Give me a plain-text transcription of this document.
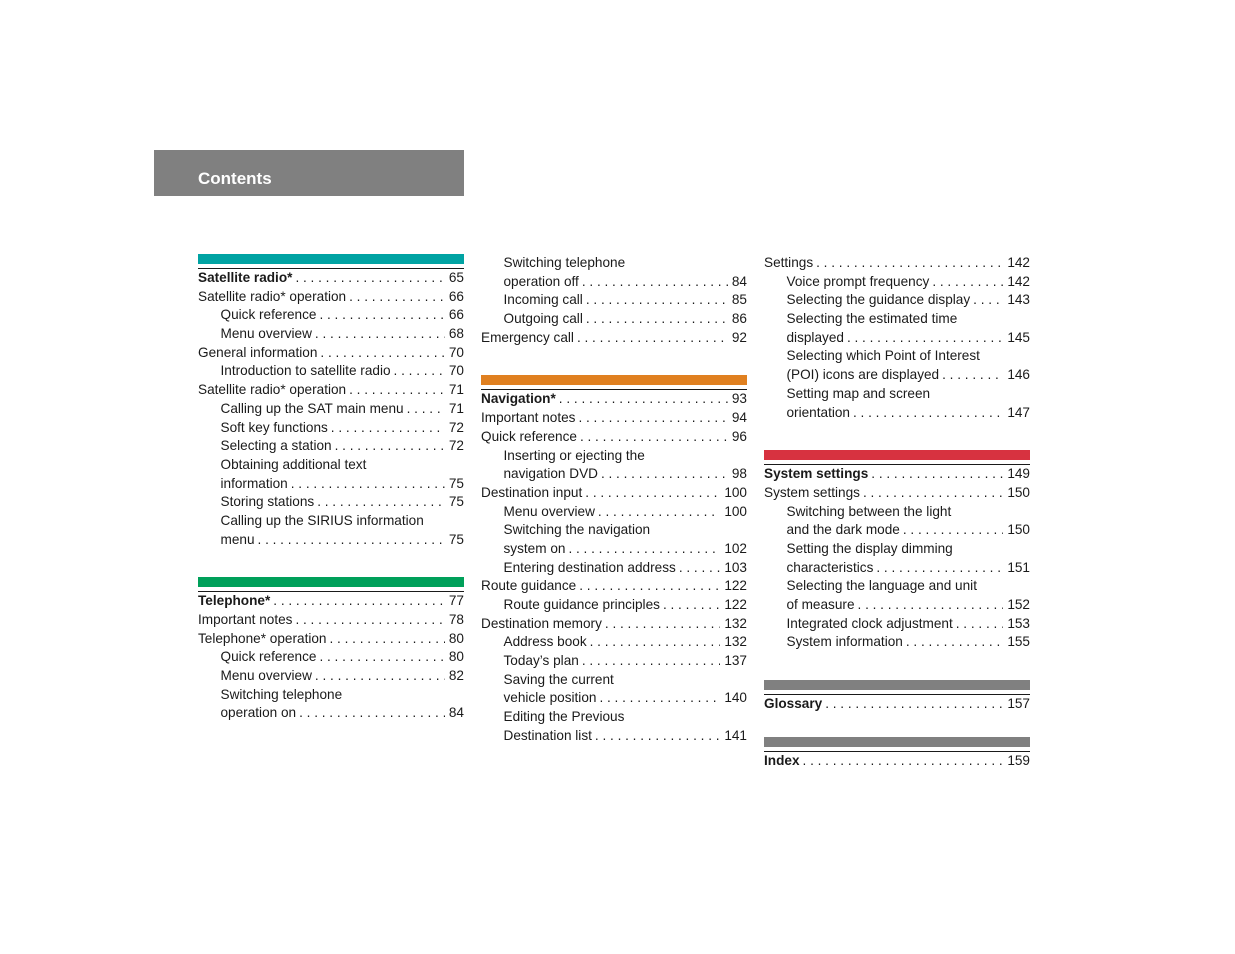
Contents
Satellite radio* . . .	65
Satellite radio* operation . . .	66
Quick reference . . .	66
Menu overview . . .	68
General information . . .	70
Introduction to satellite radio . . .	70
Satellite radio* operation . . .	71
Calling up the SAT main menu . . .	71
Soft key functions . . .	72
Selecting a station . . .	72
Obtaining additional text
information . . .	75
Storing stations . . .	75
Calling up the SIRIUS information
menu . . .	75
Telephone* . . .	77
Important notes . . .	78
Telephone* operation . . .	80
Quick reference . . .	80
Menu overview . . .	82
Switching telephone
operation on . . .	84
Switching telephone
operation off . . .	84
Incoming call . . .	85
Outgoing call . . .	86
Emergency call . . .	92
Navigation* . . .	93
Important notes . . .	94
Quick reference . . .	96
Inserting or ejecting the
navigation DVD . . .	98
Destination input . . .	100
Menu overview . . .	100
Switching the navigation
system on . . .	102
Entering destination address . . .	103
Route guidance . . .	122
Route guidance principles . . .	122
Destination memory . . .	132
Address book . . .	132
Today’s plan . . .	137
Saving the current
vehicle position . . .	140
Editing the Previous
Destination list . . .	141
Settings . . .	142
Voice prompt frequency . . .	142
Selecting the guidance display . . .	143
Selecting the estimated time
displayed . . .	145
Selecting which Point of Interest
(POI) icons are displayed . . .	146
Setting map and screen
orientation . . .	147
System settings . . .	149
System settings . . .	150
Switching between the light
and the dark mode . . .	150
Setting the display dimming
characteristics . . .	151
Selecting the language and unit
of measure . . .	152
Integrated clock adjustment . . .	153
System information . . .	155
Glossary . . .	157
Index . . .	159
